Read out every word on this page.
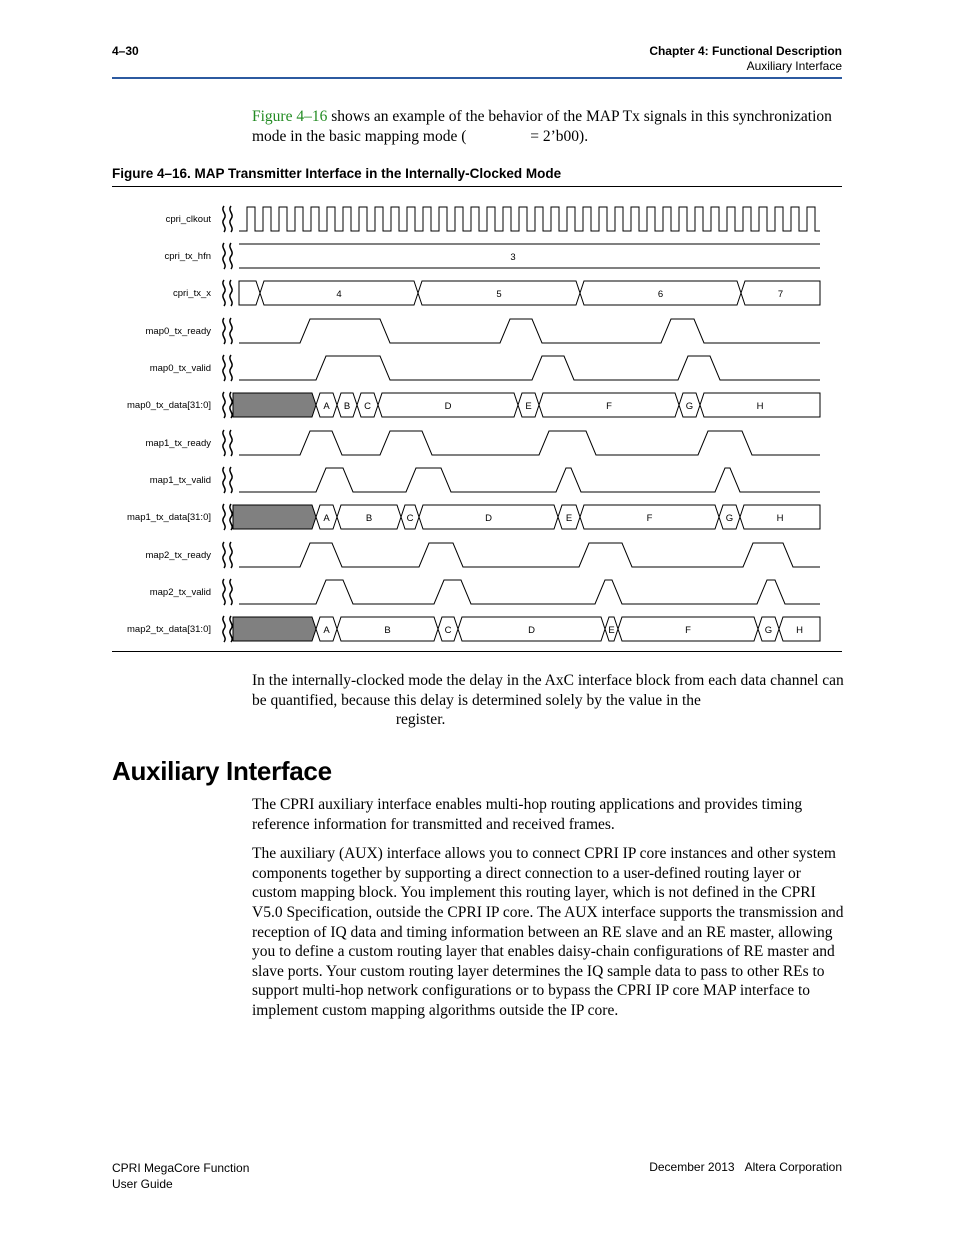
4–30	Chapter 4: Functional Description
Auxiliary Interface
Figure 4–16 shows an example of the behavior of the MAP Tx signals in this synchronization mode in the basic mapping mode (	= 2’b00).
Figure 4–16. MAP Transmitter Interface in the Internally-Clocked Mode
cpri_clkout
cpri_tx_hfn	3
cpri_tx_x	4	5	6	7
map0_tx_ready
map0_tx_valid
map0_tx_data[31:0]	A B C	D	E	F	G	H
map1_tx_ready
map1_tx_valid
map1_tx_data[31:0]	A	B	C	D	E	F	G	H
map2_tx_ready
map2_tx_valid
map2_tx_data[31:0]	A	B	C	D	E	F	G	H
In the internally-clocked mode the delay in the AxC interface block from each data channel can be quantified, because this delay is determined solely by the value in the  register.
Auxiliary Interface

The CPRI auxiliary interface enables multi-hop routing applications and provides timing reference information for transmitted and received frames.

The auxiliary (AUX) interface allows you to connect CPRI IP core instances and other system components together by supporting a direct connection to a user-defined routing layer or custom mapping block. You implement this routing layer, which is not defined in the CPRI V5.0 Specification, outside the CPRI IP core. The AUX interface supports the transmission and reception of IQ data and timing information between an RE slave and an RE master, allowing you to define a custom routing layer that enables daisy-chain configurations of RE master and slave ports. Your custom routing layer determines the IQ sample data to pass to other REs to support multi-hop network configurations or to bypass the CPRI IP core MAP interface to implement custom mapping algorithms outside the IP core.

CPRI MegaCore Function
User Guide
December 2013 Altera Corporation
